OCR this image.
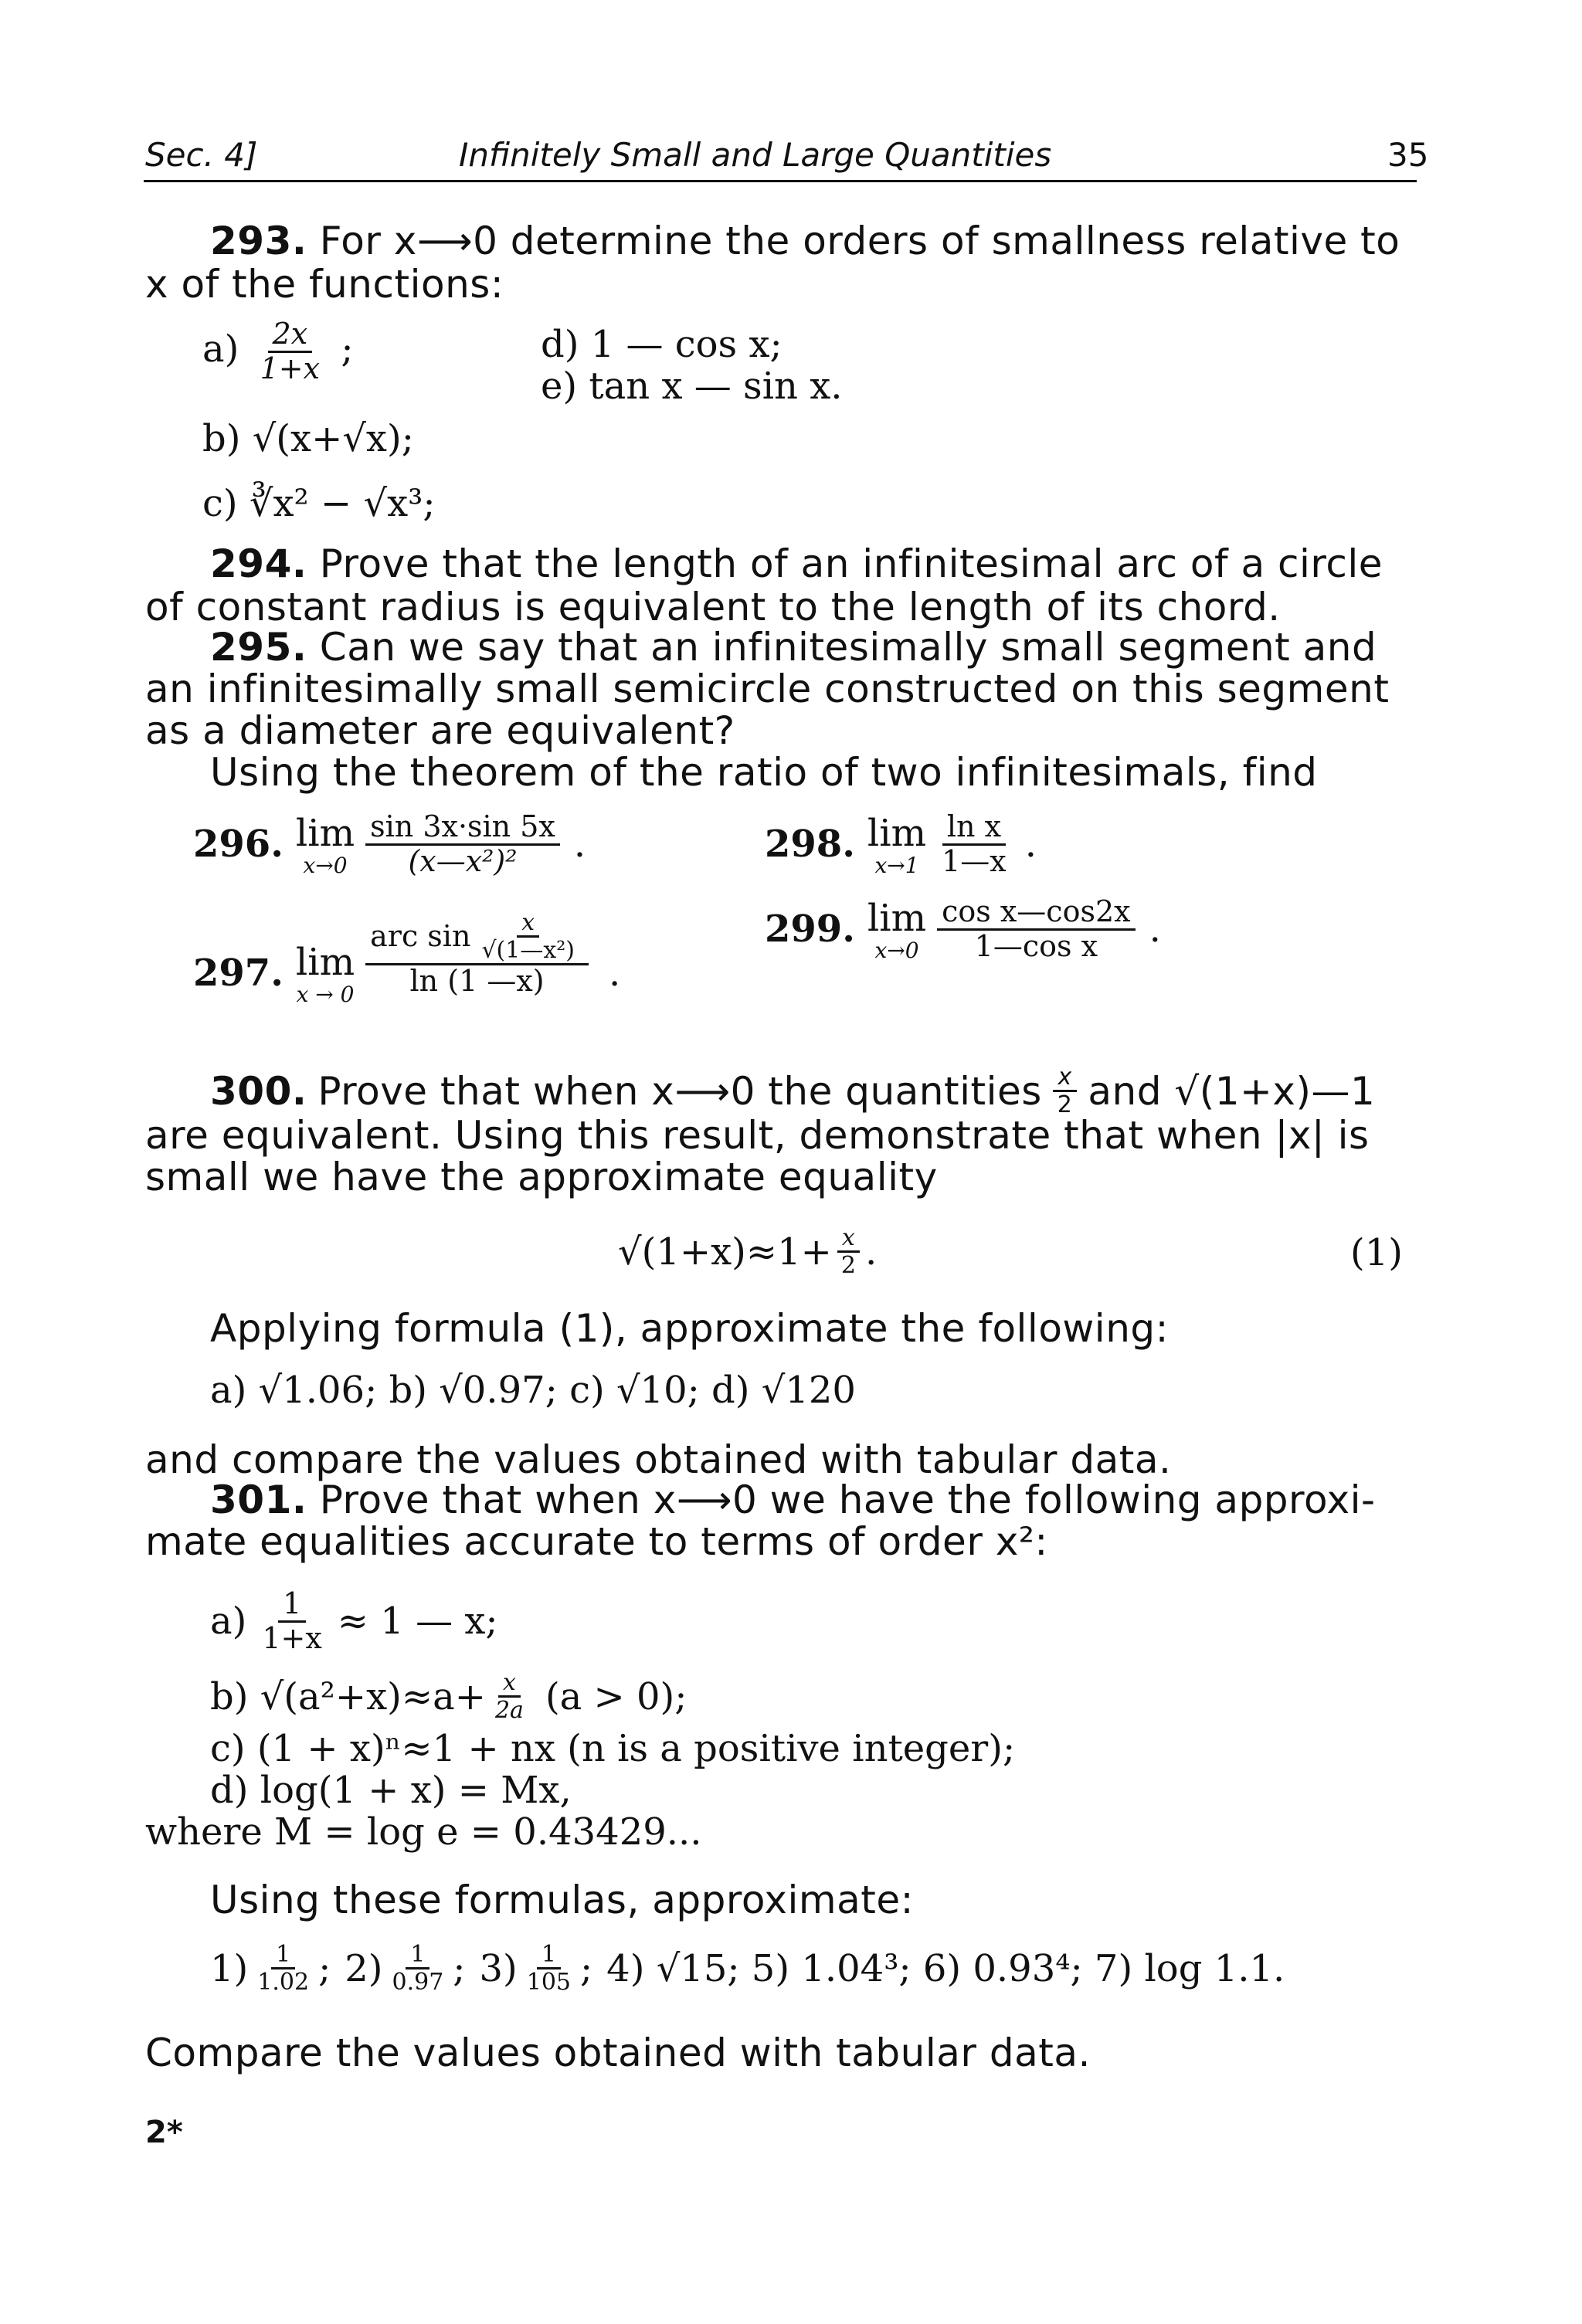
Sec. 4]	Infinitely Small and Large Quantities	35
293. For x⟶0 determine the orders of smallness relative to
x of the functions:
$a) \frac{2x}{1+x}$ ;	d) 1 — cos x;
e) tan x — sin x.
b) √(x+√x);
c) ∛x² − √x³;
294. Prove that the length of an infinitesimal arc of a circle
of constant radius is equivalent to the length of its chord.
295. Can we say that an infinitesimally small segment and
an infinitesimally small semicircle constructed on this segment
as a diameter are equivalent?
Using the theorem of the ratio of two infinitesimals, find
296. lim
$x\to 0 \frac{\sin 3x\cdot\sin 5x}{\text{(x—x²)²}}$ .	298. lim
$x\to 1 \frac{\text{ln x}}{1—x}$ .
297. lim
$x \to 0 \frac{arc \sin \frac{x}{\text{√(1—x²)}}}{\ln (1 —x)}$ .
299. lim
$x\to 0 \frac{\text{cos x—cos2x}}{\text{1—cos x}}$ .
300. Prove that when x⟶0 the quantities $\frac{x}{2}$ and √(1+x)—1
are equivalent. Using this result, demonstrate that when |x| is
small we have the approximate equality
$√(1+x)\approx 1+ \frac{x}{2}$ .	(1)
Applying formula (1), approximate the following:
a) √1.06; b) √0.97; c) √10; d) √120
and compare the values obtained with tabular data.
301. Prove that when x⟶0 we have the following approxi-
mate equalities accurate to terms of order x²:
$a) \frac{1}{1+x} \approx 1$ — x;
b) $√(a^2+x)\approx a+ \frac{x}{2a} (a > 0)$;
c) (1 + x)ⁿ≈1 + nx (n is a positive integer);
d) log(1 + x) = Mx,
where M = log e = 0.43429...
Using these formulas, approximate:
$1) \frac{1}{1.02}$ ; $2) \frac{1}{0.97}$ ; $3) \frac{1}{105}$ ; 4) √15; 5) 1.04³; 6) 0.93⁴; 7) log 1.1.
Compare the values obtained with tabular data.
2*
